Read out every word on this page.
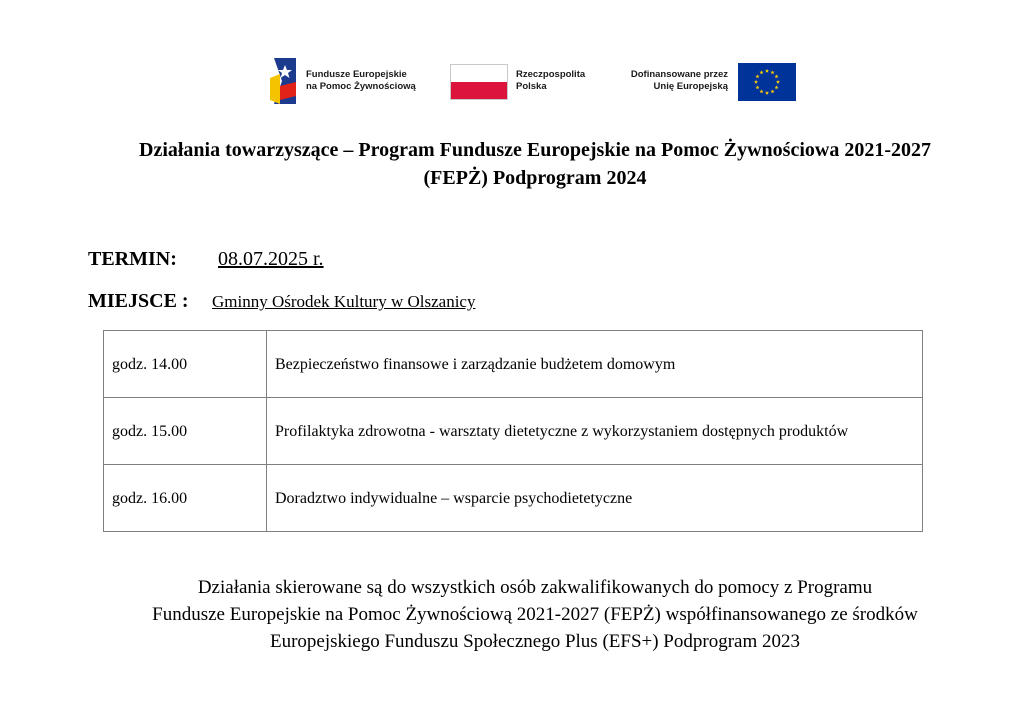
Fundusze Europejskie
na Pomoc Żywnościową
Rzeczpospolita
Polska
Dofinansowane przez
Unię Europejską
Działania towarzyszące – Program Fundusze Europejskie na Pomoc Żywnościowa 2021-2027
(FEPŻ) Podprogram 2024
TERMIN: 08.07.2025 r.
MIEJSCE : Gminny Ośrodek Kultury w Olszanicy
godz. 14.00	Bezpieczeństwo finansowe i zarządzanie budżetem domowym
godz. 15.00	Profilaktyka zdrowotna - warsztaty dietetyczne z wykorzystaniem dostępnych produktów
godz. 16.00	Doradztwo indywidualne – wsparcie psychodietetyczne
Działania skierowane są do wszystkich osób zakwalifikowanych do pomocy z Programu
Fundusze Europejskie na Pomoc Żywnościową 2021-2027 (FEPŻ) współfinansowanego ze środków
Europejskiego Funduszu Społecznego Plus (EFS+) Podprogram 2023
